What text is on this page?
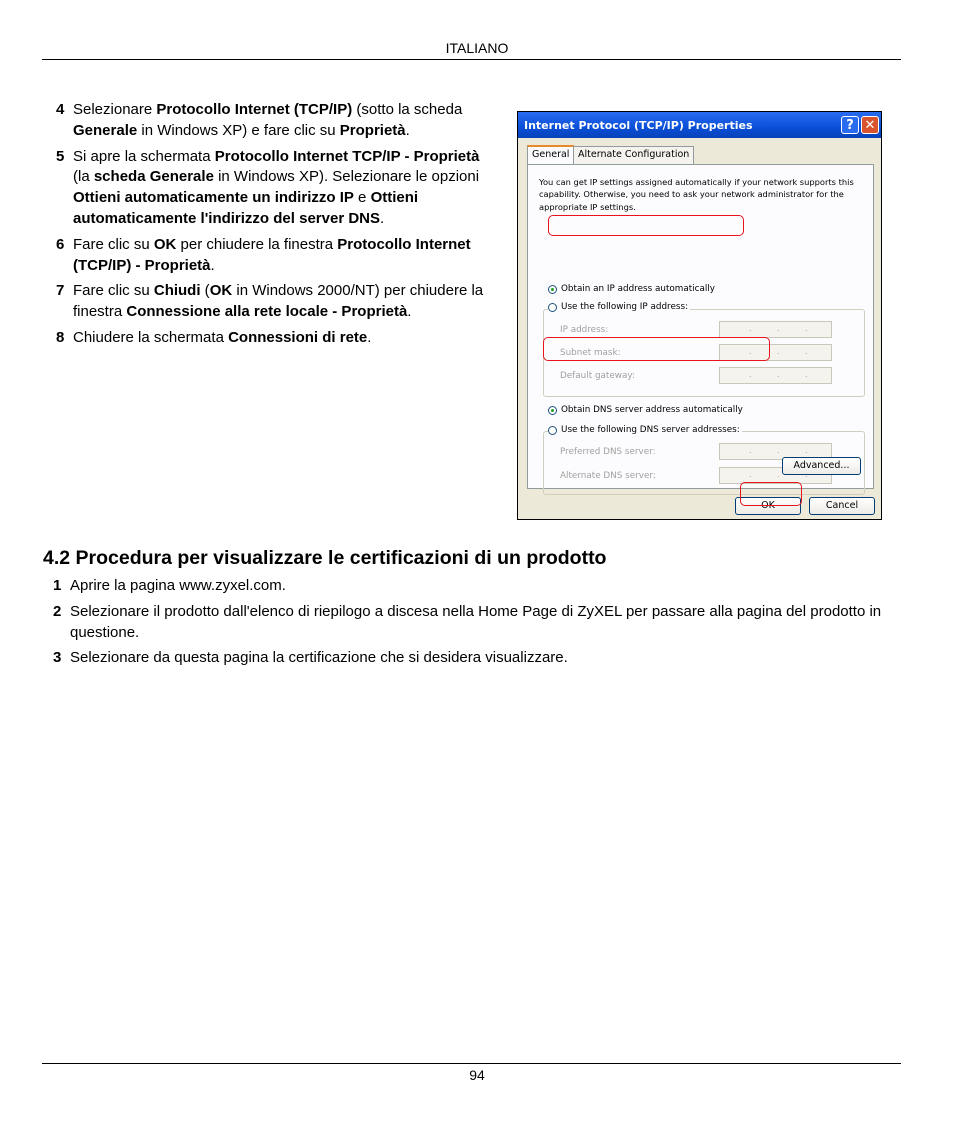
ITALIANO
4 Selezionare Protocollo Internet (TCP/IP) (sotto la scheda Generale in Windows XP) e fare clic su Proprietà.
5 Si apre la schermata Protocollo Internet TCP/IP - Proprietà (la scheda Generale in Windows XP). Selezionare le opzioni Ottieni automaticamente un indirizzo IP e Ottieni automaticamente l'indirizzo del server DNS.
6 Fare clic su OK per chiudere la finestra Protocollo Internet (TCP/IP) - Proprietà.
7 Fare clic su Chiudi (OK in Windows 2000/NT) per chiudere la finestra Connessione alla rete locale - Proprietà.
8 Chiudere la schermata Connessioni di rete.
Internet Protocol (TCP/IP) Properties	? ✕
General Alternate Configuration
You can get IP settings assigned automatically if your network supports this capability. Otherwise, you need to ask your network administrator for the appropriate IP settings.
Obtain an IP address automatically
Use the following IP address:
IP address:	.	.	.
Subnet mask:	.	.	.
Default gateway:	.	.	.
Obtain DNS server address automatically
Use the following DNS server addresses:
Preferred DNS server:	.	.	.
Alternate DNS server:	.	.
Advanced...
OK	Cancel
4.2 Procedura per visualizzare le certificazioni di un prodotto
1 Aprire la pagina www.zyxel.com.
2 Selezionare il prodotto dall'elenco di riepilogo a discesa nella Home Page di ZyXEL per passare alla pagina del prodotto in questione.
3 Selezionare da questa pagina la certificazione che si desidera visualizzare.
94
